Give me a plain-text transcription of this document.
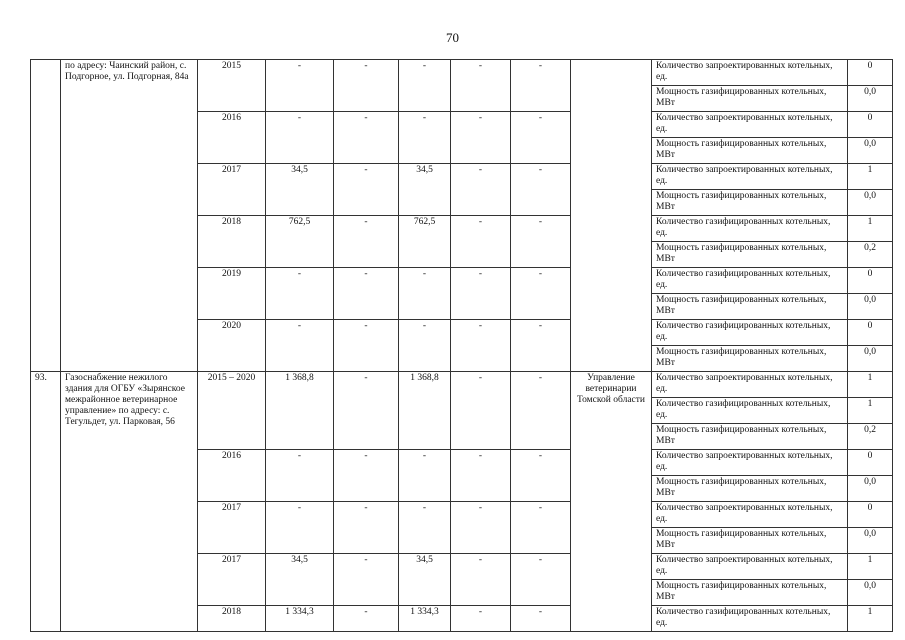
70
	по адресу: Чаинский район, с. Подгорное, ул. Подгорная, 84а	2015	-	-	-	-	-		Количество запроектированных котельных, ед.	0
									Мощность газифицированных котельных, МВт	0,0
		2016	-	-	-	-	-		Количество запроектированных котельных, ед.	0
									Мощность газифицированных котельных, МВт	0,0
		2017	34,5	-	34,5	-	-		Количество запроектированных котельных, ед.	1
									Мощность газифицированных котельных, МВт	0,0
		2018	762,5	-	762,5	-	-		Количество газифицированных котельных, ед.	1
									Мощность газифицированных котельных, МВт	0,2
		2019	-	-	-	-	-		Количество газифицированных котельных, ед.	0
									Мощность газифицированных котельных, МВт	0,0
		2020	-	-	-	-	-		Количество газифицированных котельных, ед.	0
									Мощность газифицированных котельных, МВт	0,0
93.	Газоснабжение нежилого здания для ОГБУ «Зырянское межрайонное ветеринарное управление» по адресу: с. Тегульдет, ул. Парковая, 56	2015 – 2020	1 368,8	-	1 368,8	-	-	Управление ветеринарии Томской области	Количество запроектированных котельных, ед.	1
									Количество газифицированных котельных, ед.	1
									Мощность газифицированных котельных, МВт	0,2
		2016	-	-	-	-	-		Количество запроектированных котельных, ед.	0
									Мощность газифицированных котельных, МВт	0,0
		2017	-	-	-	-	-		Количество запроектированных котельных, ед.	0
									Мощность газифицированных котельных, МВт	0,0
		2017	34,5	-	34,5	-	-		Количество запроектированных котельных, ед.	1
									Мощность газифицированных котельных, МВт	0,0
		2018	1 334,3	-	1 334,3	-	-		Количество газифицированных котельных, ед.	1
